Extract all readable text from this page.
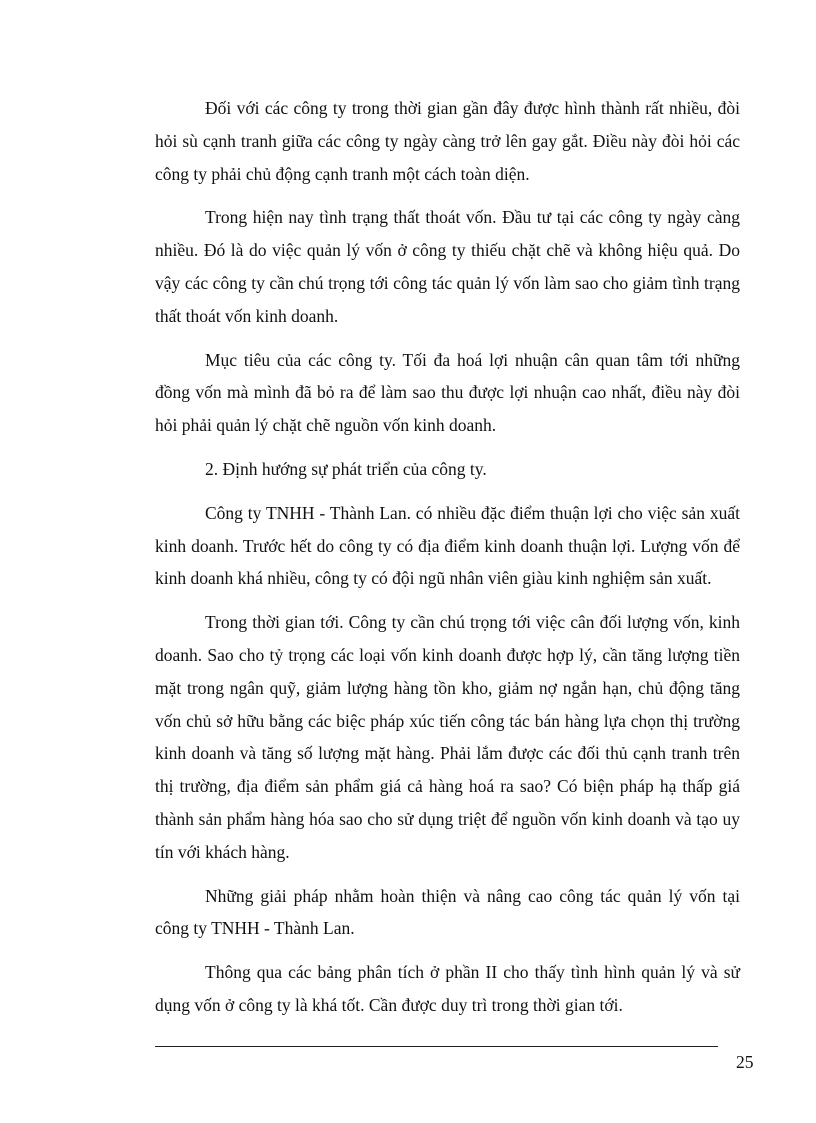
Đối với các công ty trong thời gian gần đây được hình thành rất nhiều, đòi hỏi sù cạnh tranh giữa các công ty ngày càng trở lên gay gắt. Điều này đòi hỏi các công ty phải chủ động cạnh tranh một cách toàn diện.

Trong hiện nay tình trạng thất thoát vốn. Đầu tư tại các công ty ngày càng nhiều. Đó là do việc quản lý vốn ở công ty thiếu chặt chẽ và không hiệu quả. Do vậy các công ty cần chú trọng tới công tác quản lý vốn làm sao cho giảm tình trạng thất thoát vốn kinh doanh.

Mục tiêu của các công ty. Tối đa hoá lợi nhuận cân quan tâm tới những đồng vốn mà mình đã bỏ ra để làm sao thu được lợi nhuận cao nhất, điều này đòi hỏi phải quản lý chặt chẽ nguồn vốn kinh doanh.

2. Định hướng sự phát triển của công ty.

Công ty TNHH - Thành Lan. có nhiều đặc điểm thuận lợi cho việc sản xuất kinh doanh. Trước hết do công ty có địa điểm kinh doanh thuận lợi. Lượng vốn để kinh doanh khá nhiều, công ty có đội ngũ nhân viên giàu kinh nghiệm sản xuất.

Trong thời gian tới. Công ty cần chú trọng tới việc cân đối lượng vốn, kinh doanh. Sao cho tỷ trọng các loại vốn kinh doanh được hợp lý, cần tăng lượng tiền mặt trong ngân quỹ, giảm lượng hàng tồn kho, giảm nợ ngắn hạn, chủ động tăng vốn chủ sở hữu bằng các biệc pháp xúc tiến công tác bán hàng lựa chọn thị trường kinh doanh và tăng số lượng mặt hàng. Phải lắm được các đối thủ cạnh tranh trên thị trường, địa điểm sản phẩm giá cả hàng hoá ra sao? Có biện pháp hạ thấp giá thành sản phẩm hàng hóa sao cho sử dụng triệt để nguồn vốn kinh doanh và tạo uy tín với khách hàng.

Những giải pháp nhằm hoàn thiện và nâng cao công tác quản lý vốn tại công ty TNHH - Thành Lan.

Thông qua các bảng phân tích ở phần II cho thấy tình hình quản lý và sử dụng vốn ở công ty là khá tốt. Cần được duy trì trong thời gian tới.

25
